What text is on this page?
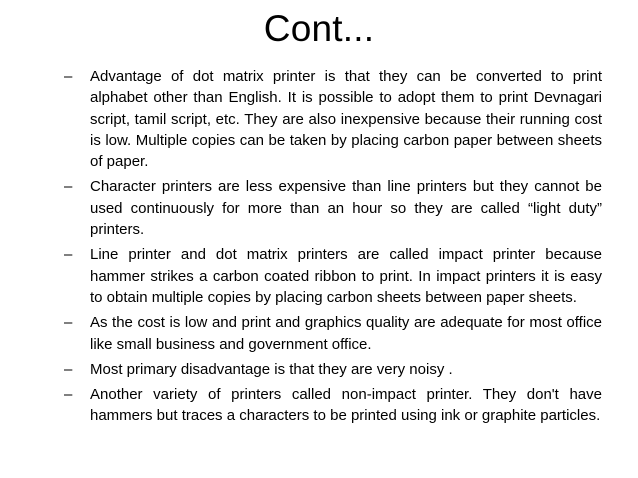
Cont...
–	Advantage of dot matrix printer is that they can be converted to print alphabet other than English. It is possible to adopt them to print Devnagari script, tamil script, etc. They are also inexpensive because their running cost is low. Multiple copies can be taken by placing carbon paper between sheets of paper.
–	Character printers are less expensive than line printers but they cannot be used continuously for more than an hour so they are called “light duty” printers.
–	Line printer and dot matrix printers are called impact printer because hammer strikes a carbon coated ribbon to print. In impact printers it is easy to obtain multiple copies by placing carbon sheets between paper sheets.
–	As the cost is low and print and graphics quality are adequate for most office like small business and government office.
–	Most primary disadvantage is that they are very noisy .
–	Another variety of printers called non-impact printer. They don't have hammers but traces a characters to be printed using ink or graphite particles.
